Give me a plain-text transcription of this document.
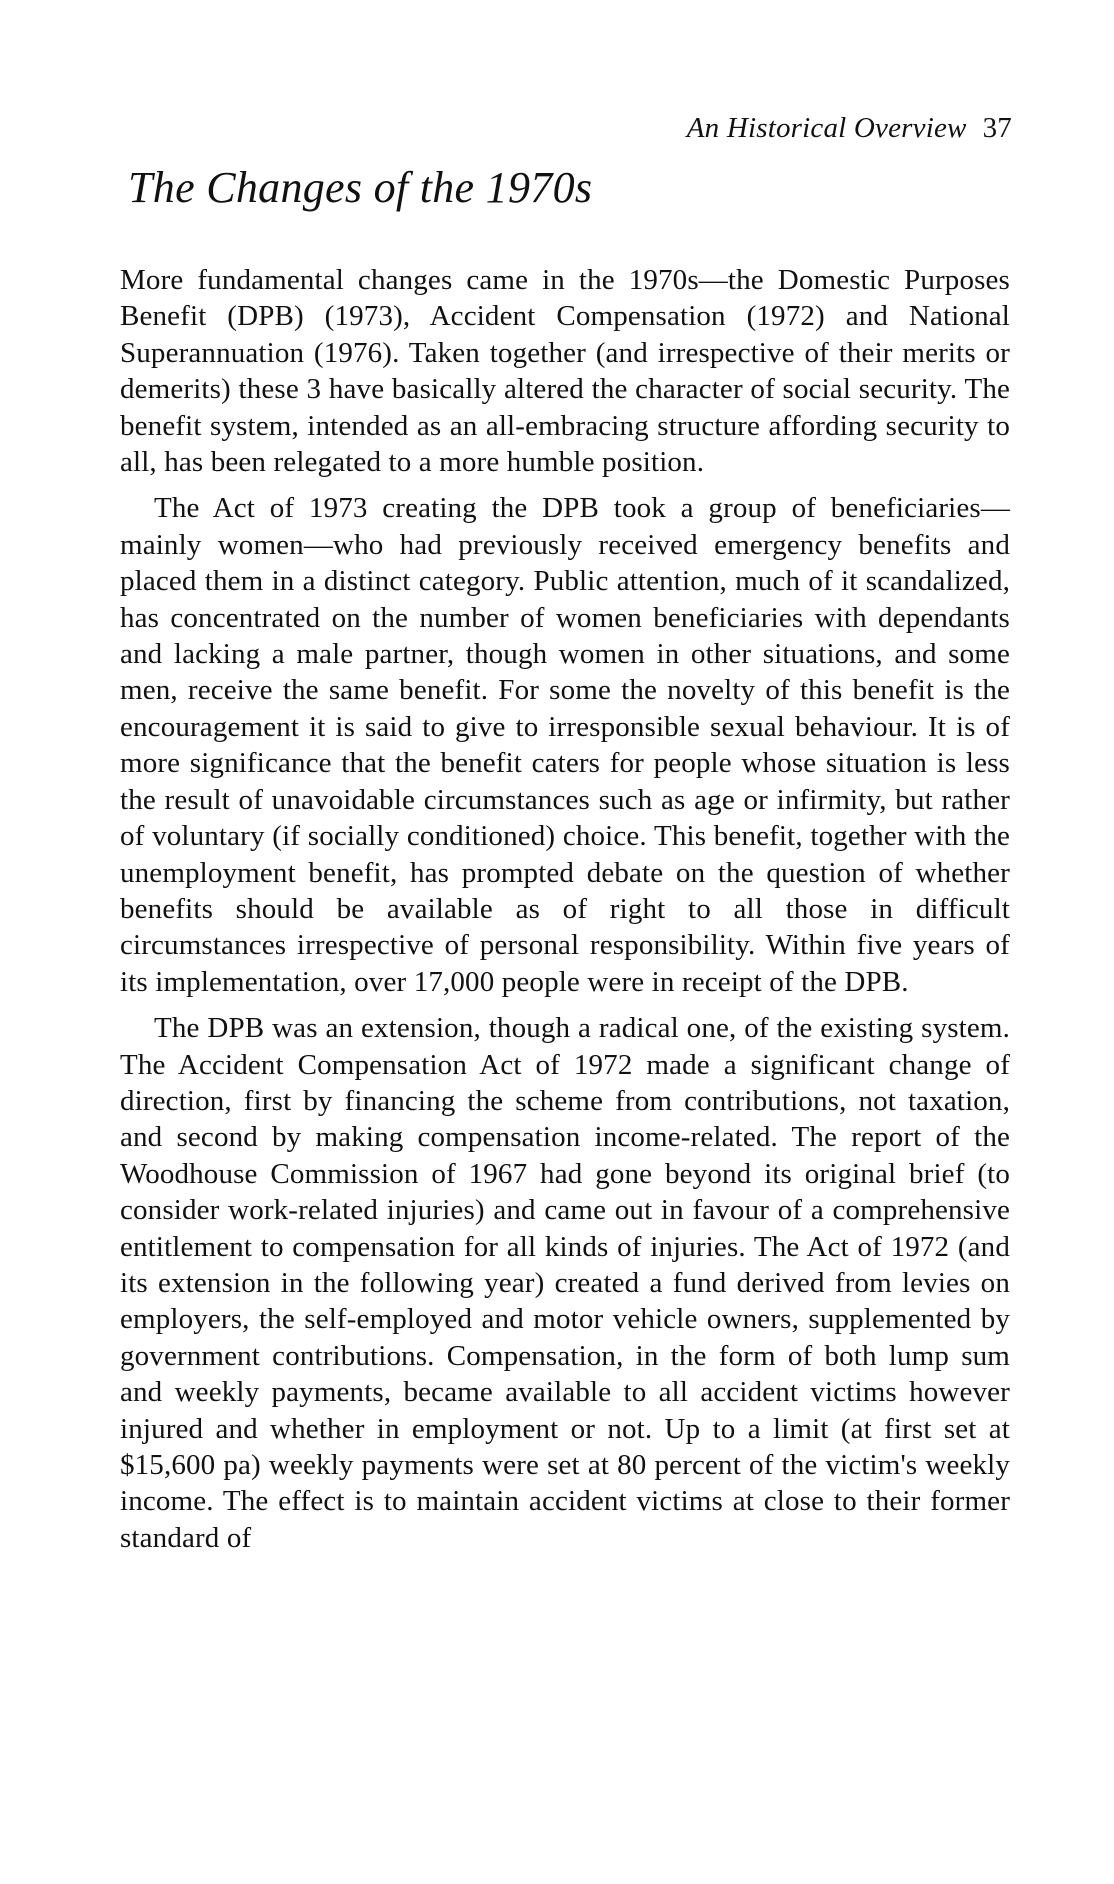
An Historical Overview 37
The Changes of the 1970s

More fundamental changes came in the 1970s—the Domestic Purposes Benefit (DPB) (1973), Accident Compensation (1972) and National Superannuation (1976). Taken together (and irrespective of their merits or demerits) these 3 have basically altered the character of social security. The benefit system, intended as an all-embracing structure affording security to all, has been relegated to a more humble position.

The Act of 1973 creating the DPB took a group of beneficiaries—mainly women—who had previously received emergency benefits and placed them in a distinct category. Public attention, much of it scandalized, has concentrated on the number of women beneficiaries with dependants and lacking a male partner, though women in other situations, and some men, receive the same benefit. For some the novelty of this benefit is the encouragement it is said to give to irresponsible sexual behaviour. It is of more significance that the benefit caters for people whose situation is less the result of unavoidable circumstances such as age or infirmity, but rather of voluntary (if socially conditioned) choice. This benefit, together with the unemployment benefit, has prompted debate on the question of whether benefits should be available as of right to all those in difficult circumstances irrespective of personal responsibility. Within five years of its implementation, over 17,000 people were in receipt of the DPB.

The DPB was an extension, though a radical one, of the existing system. The Accident Compensation Act of 1972 made a significant change of direction, first by financing the scheme from contributions, not taxation, and second by making compensation income-related. The report of the Woodhouse Commission of 1967 had gone beyond its original brief (to consider work-related injuries) and came out in favour of a comprehensive entitlement to compensation for all kinds of injuries. The Act of 1972 (and its extension in the following year) created a fund derived from levies on employers, the self-employed and motor vehicle owners, supplemented by government contributions. Compensation, in the form of both lump sum and weekly payments, became available to all accident victims however injured and whether in employment or not. Up to a limit (at first set at $15,600 pa) weekly payments were set at 80 percent of the victim's weekly income. The effect is to maintain accident victims at close to their former standard of
